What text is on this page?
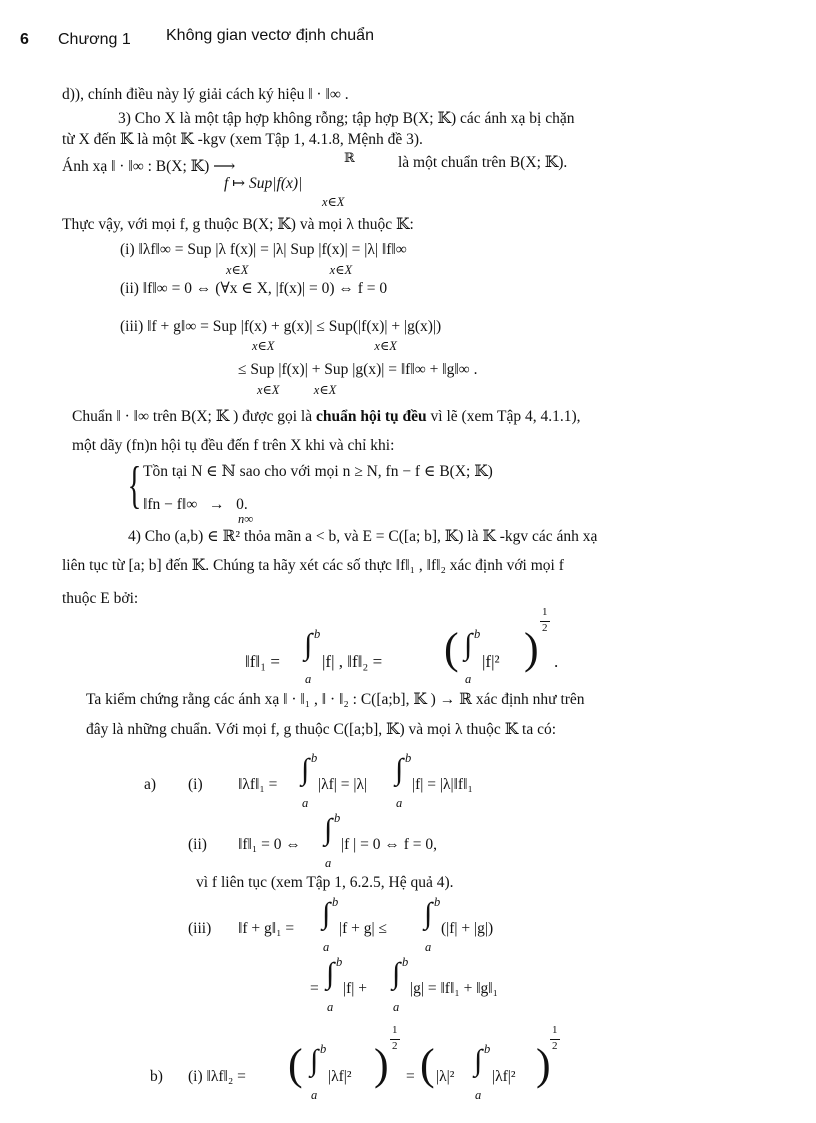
6 Chương 1 Không gian vectơ định chuẩn
d)), chính điều này lý giải cách ký hiệu ‖ · ‖∞ .
3) Cho X là một tập hợp không rỗng; tập hợp B(X; 𝕂) các ánh xạ bị chặn
từ X đến 𝕂 là một 𝕂 -kgv (xem Tập 1, 4.1.8, Mệnh đề 3).
Ánh xạ ‖ · ‖∞ : B(X; 𝕂) ⟶
ℝ	là một chuẩn trên B(X; 𝕂).
f ↦ Sup|f(x)|
x∈X
Thực vậy, với mọi f, g thuộc B(X; 𝕂) và mọi λ thuộc 𝕂:
(i) ‖λf‖∞ = Sup |λ f(x)| = |λ| Sup |f(x)| = |λ| ‖f‖∞
x∈X                          x∈X
(ii) ‖f‖∞ = 0 ⇔ (∀x ∈ X, |f(x)| = 0) ⇔ f = 0
(iii) ‖f + g‖∞ = Sup |f(x) + g(x)| ≤ Sup(|f(x)| + |g(x)|)
x∈X                                x∈X
≤ Sup |f(x)| + Sup |g(x)| = ‖f‖∞ + ‖g‖∞ .
x∈X           x∈X
Chuẩn ‖ · ‖∞ trên B(X; 𝕂 ) được gọi là chuẩn hội tụ đều vì lẽ (xem Tập 4, 4.1.1),
một dãy (fn)n hội tụ đều đến f trên X khi và chỉ khi:
{ Tồn tại N ∈ ℕ sao cho với mọi n ≥ N, fn − f ∈ B(X; 𝕂)
‖fn − f‖∞   →   0.
n∞
4) Cho (a,b) ∈ ℝ² thỏa mãn a < b, và E = C([a; b], 𝕂) là 𝕂 -kgv các ánh xạ
liên tục từ [a; b] đến 𝕂. Chúng ta hãy xét các số thực ‖f‖₁ , ‖f‖₂ xác định với mọi f
thuộc E bởi:
‖f‖₁ =
∫ b
a
|f| , ‖f‖₂ = ( ∫ b
a
|f|² )
1
2
.
Ta kiểm chứng rằng các ánh xạ ‖ · ‖₁ , ‖ · ‖₂ : C([a;b], 𝕂 ) → ℝ xác định như trên
đây là những chuẩn. Với mọi f, g thuộc C([a;b], 𝕂) và mọi λ thuộc 𝕂 ta có:
a) (i) ‖λf‖₁ = ∫ b
a
|λf| = |λ| ∫ b
a
|f| = |λ|‖f‖₁
(ii) ‖f‖₁ = 0 ⇔ ∫ b
a
|f | = 0 ⇔ f = 0,
vì f liên tục (xem Tập 1, 6.2.5, Hệ quả 4).
(iii) ‖f + g‖₁ = ∫ b
a
|f + g| ≤ ∫ b
a
(|f| + |g|)
= ∫ b
a
|f| + ∫ b
a
|g| = ‖f‖₁ + ‖g‖₁
b) (i) ‖λf‖₂ = ( ∫ b
a
|λf|² )
1
2
= ( |λ|² ∫ b
a
|λf|² )
1
2
